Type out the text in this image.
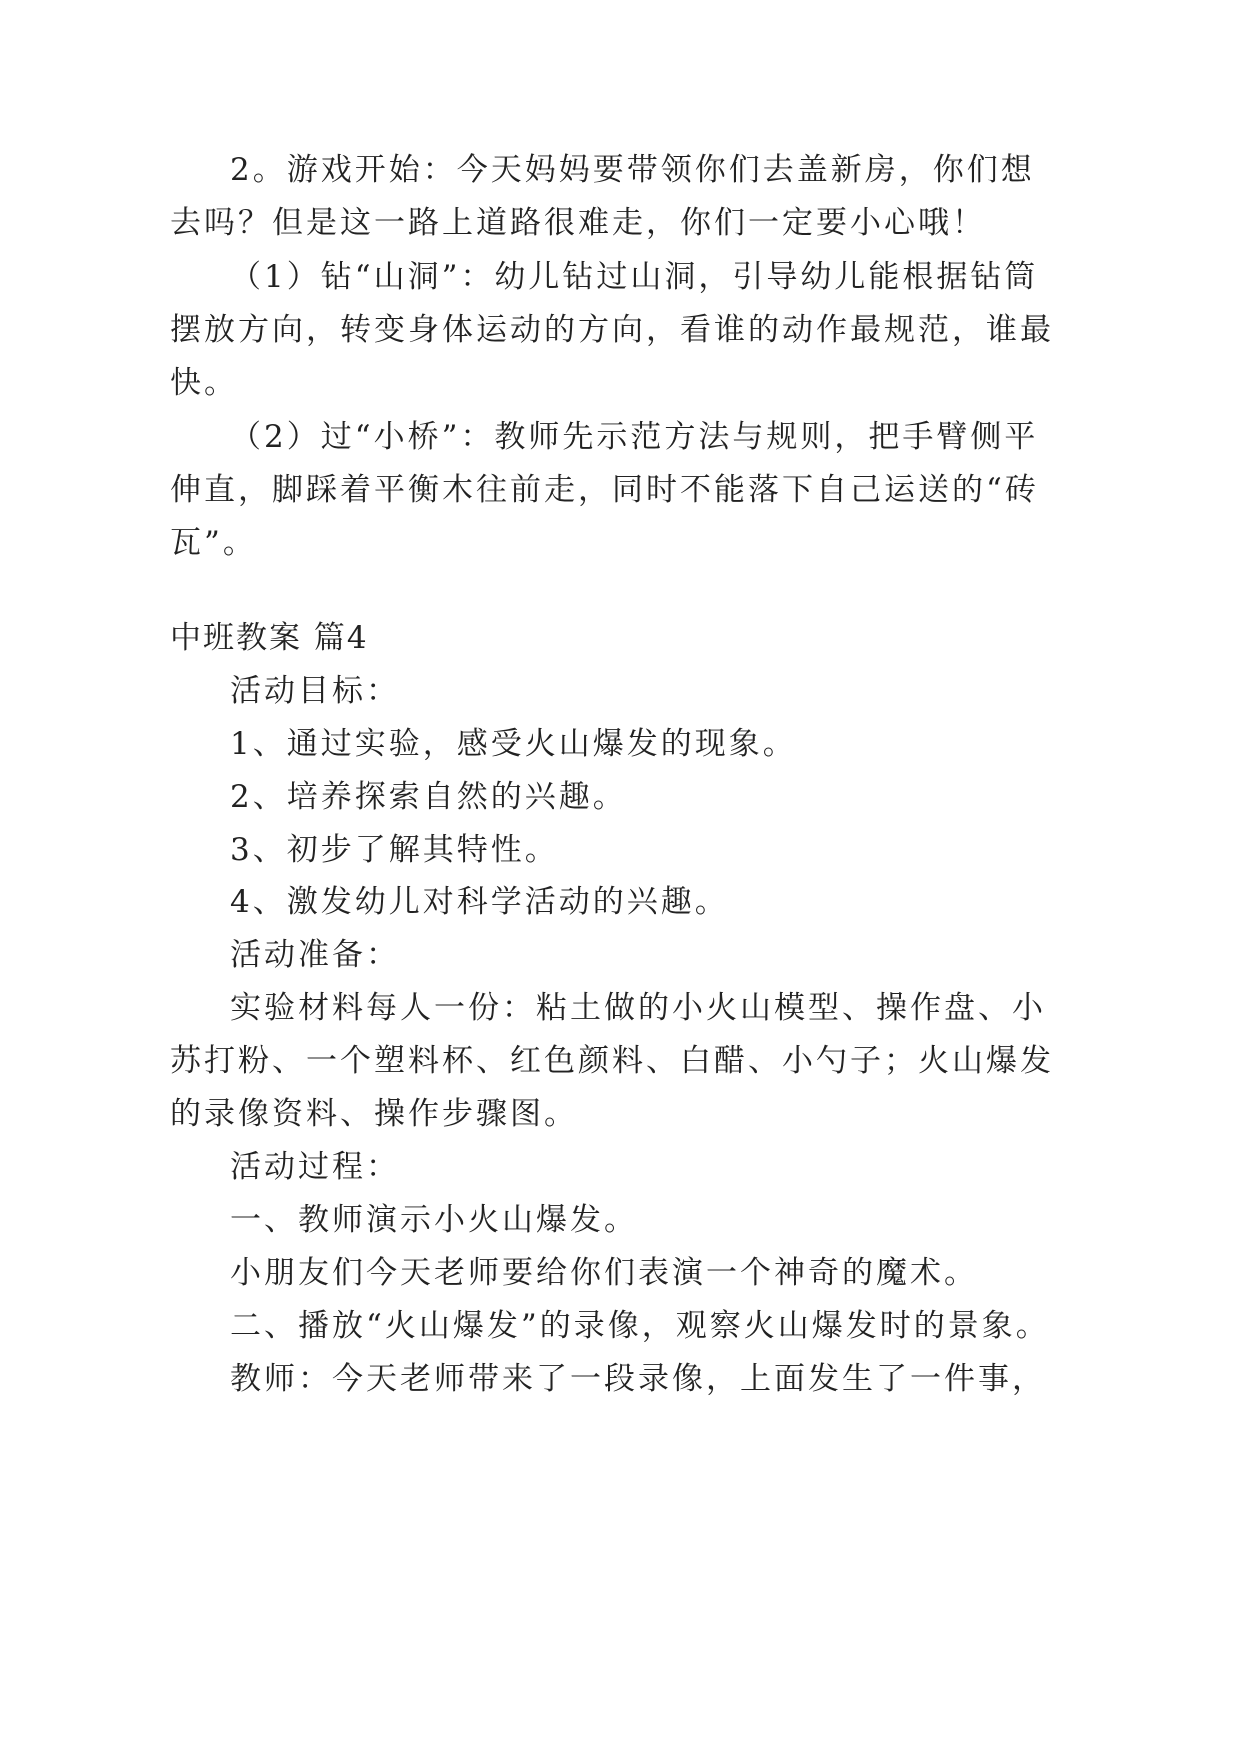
2。游戏开始：今天妈妈要带领你们去盖新房，你们想
去吗？但是这一路上道路很难走，你们一定要小心哦！
（1）钻“山洞”：幼儿钻过山洞，引导幼儿能根据钻筒
摆放方向，转变身体运动的方向，看谁的动作最规范，谁最
快。
（2）过“小桥”：教师先示范方法与规则，把手臂侧平
伸直，脚踩着平衡木往前走，同时不能落下自己运送的“砖
瓦”。
中班教案 篇4
活动目标：
1、通过实验，感受火山爆发的现象。
2、培养探索自然的兴趣。
3、初步了解其特性。
4、激发幼儿对科学活动的兴趣。
活动准备：
实验材料每人一份：粘土做的小火山模型、操作盘、小
苏打粉、一个塑料杯、红色颜料、白醋、小勺子；火山爆发
的录像资料、操作步骤图。
活动过程：
一、教师演示小火山爆发。
小朋友们今天老师要给你们表演一个神奇的魔术。
二、播放“火山爆发”的录像，观察火山爆发时的景象。
教师：今天老师带来了一段录像，上面发生了一件事，
